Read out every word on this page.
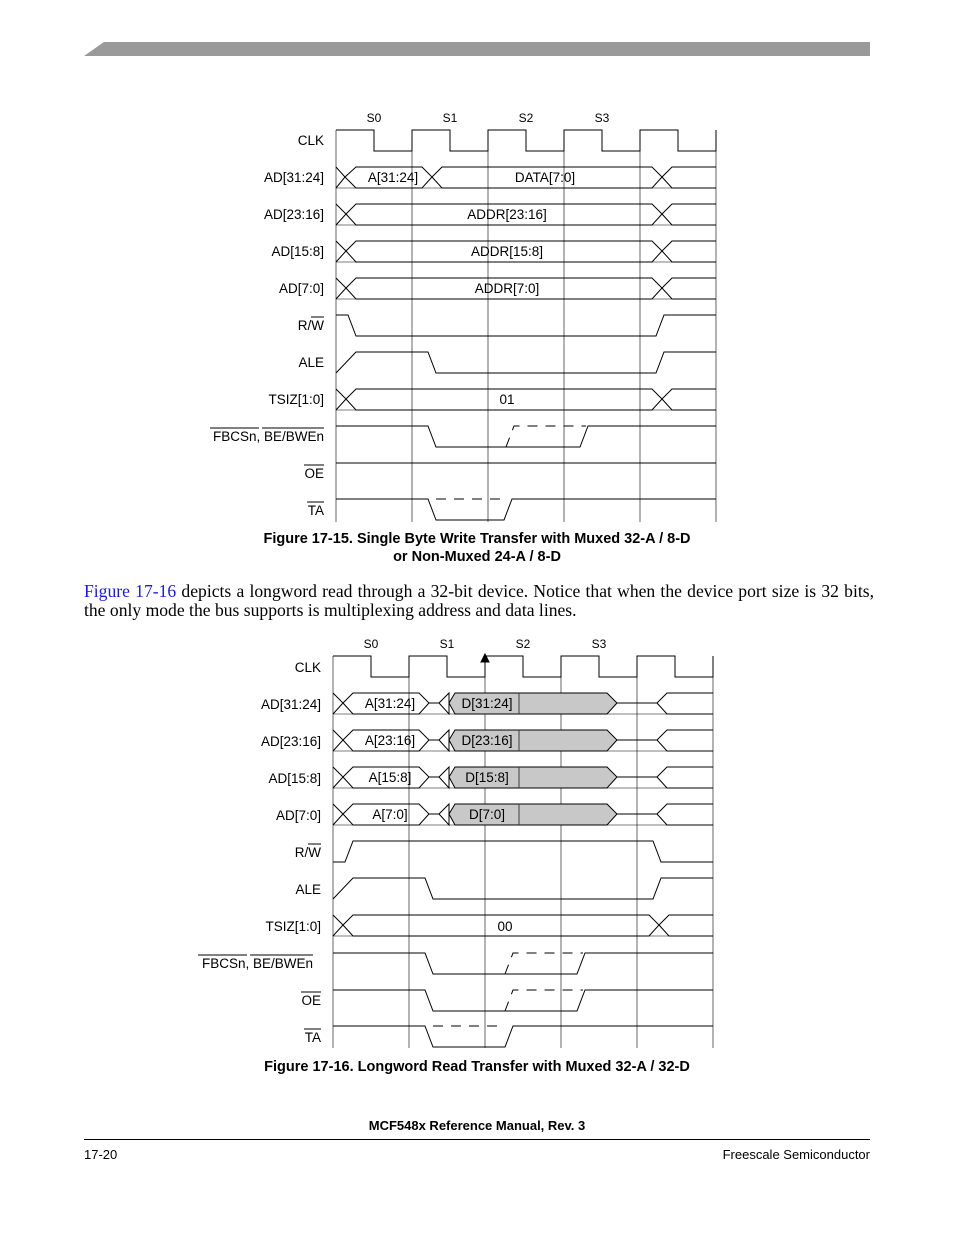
S0	S1	S2	S3
CLK
AD[31:24]
AD[23:16]
AD[15:8]
AD[7:0]
R/W
ALE
TSIZ[1:0]
FBCSn, BE/BWEn
OE
TA
A[31:24]	DATA[7:0]
ADDR[23:16]
ADDR[15:8]
ADDR[7:0]
01
Figure 17-15. Single Byte Write Transfer with Muxed 32-A / 8-D
or Non-Muxed 24-A / 8-D
Figure 17-16 depicts a longword read through a 32-bit device. Notice that when the device port size is 32 bits, the only mode the bus supports is multiplexing address and data lines.
S0	S1	S2	S3
CLK
AD[31:24]
AD[23:16]
AD[15:8]
AD[7:0]
R/W
ALE
TSIZ[1:0]
FBCSn, BE/BWEn
OE
TA
A[31:24]
A[23:16]
A[15:8]
A[7:0]
D[31:24]
D[23:16]
D[15:8]
D[7:0]
00
Figure 17-16. Longword Read Transfer with Muxed 32-A / 32-D
MCF548x Reference Manual, Rev. 3
17-20	Freescale Semiconductor
